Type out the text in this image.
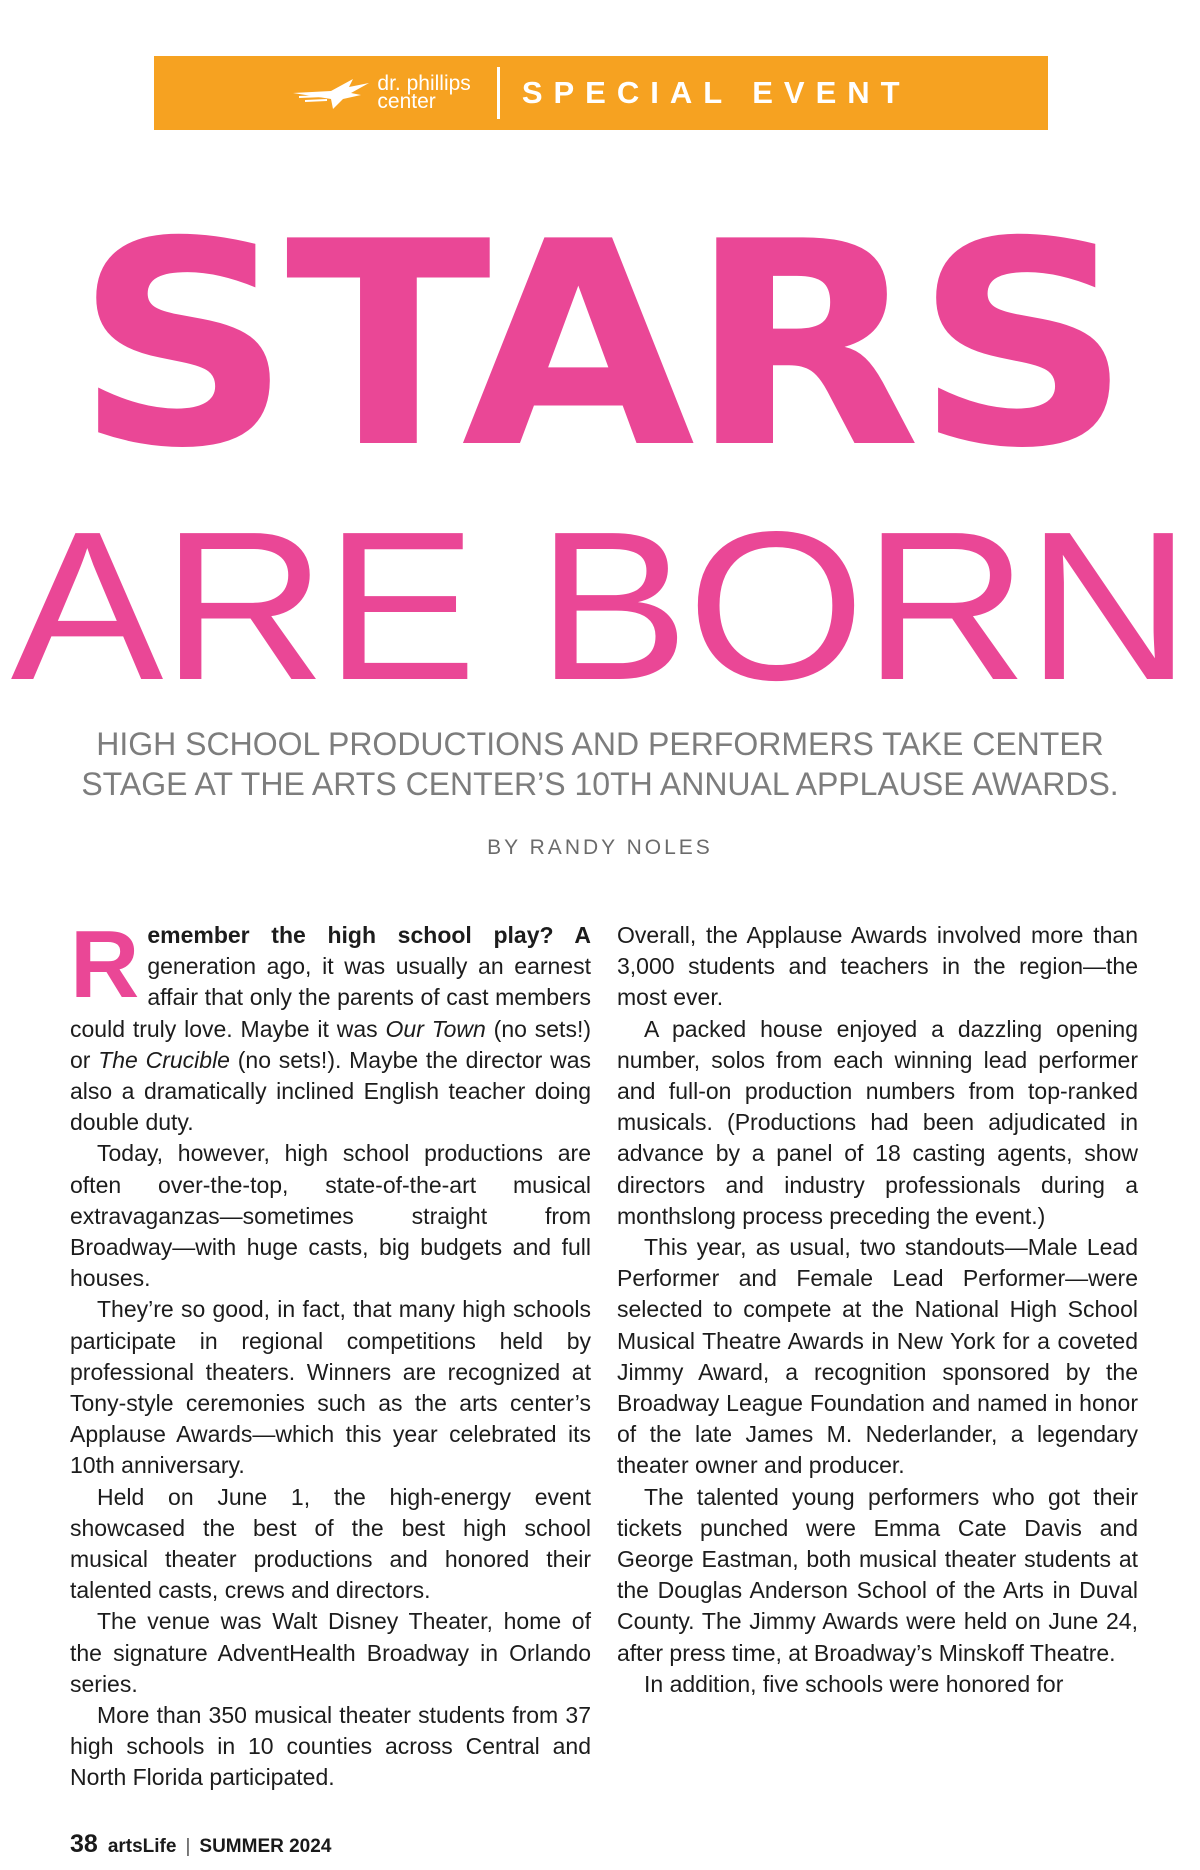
dr. phillips
center	SPECIAL EVENT
STARS
ARE BORN
HIGH SCHOOL PRODUCTIONS AND PERFORMERS TAKE CENTER
STAGE AT THE ARTS CENTER’S 10TH ANNUAL APPLAUSE AWARDS.
BY RANDY NOLES

Remember the high school play? A generation ago, it was usually an earnest affair that only the parents of cast members could truly love. Maybe it was Our Town (no sets!) or The Crucible (no sets!). Maybe the director was also a dramatically inclined English teacher doing double duty.

Today, however, high school productions are often over-the-top, state-of-the-art musical extravaganzas—sometimes straight from Broadway—with huge casts, big budgets and full houses.

They’re so good, in fact, that many high schools participate in regional competitions held by professional theaters. Winners are recognized at Tony-style ceremonies such as the arts center’s Applause Awards—which this year celebrated its 10th anniversary.

Held on June 1, the high-energy event showcased the best of the best high school musical theater productions and honored their talented casts, crews and directors.

The venue was Walt Disney Theater, home of the signature AdventHealth Broadway in Orlando series.

More than 350 musical theater students from 37 high schools in 10 counties across Central and North Florida participated.

Overall, the Applause Awards involved more than 3,000 students and teachers in the region—the most ever.

A packed house enjoyed a dazzling opening number, solos from each winning lead performer and full-on production numbers from top-ranked musicals. (Productions had been adjudicated in advance by a panel of 18 casting agents, show directors and industry professionals during a monthslong process preceding the event.)

This year, as usual, two standouts—Male Lead Performer and Female Lead Performer—were selected to compete at the National High School Musical Theatre Awards in New York for a coveted Jimmy Award, a recognition sponsored by the Broadway League Foundation and named in honor of the late James M. Nederlander, a legendary theater owner and producer.

The talented young performers who got their tickets punched were Emma Cate Davis and George Eastman, both musical theater students at the Douglas Anderson School of the Arts in Duval County. The Jimmy Awards were held on June 24, after press time, at Broadway’s Minskoff Theatre.

In addition, five schools were honored for

38 artsLife | SUMMER 2024
